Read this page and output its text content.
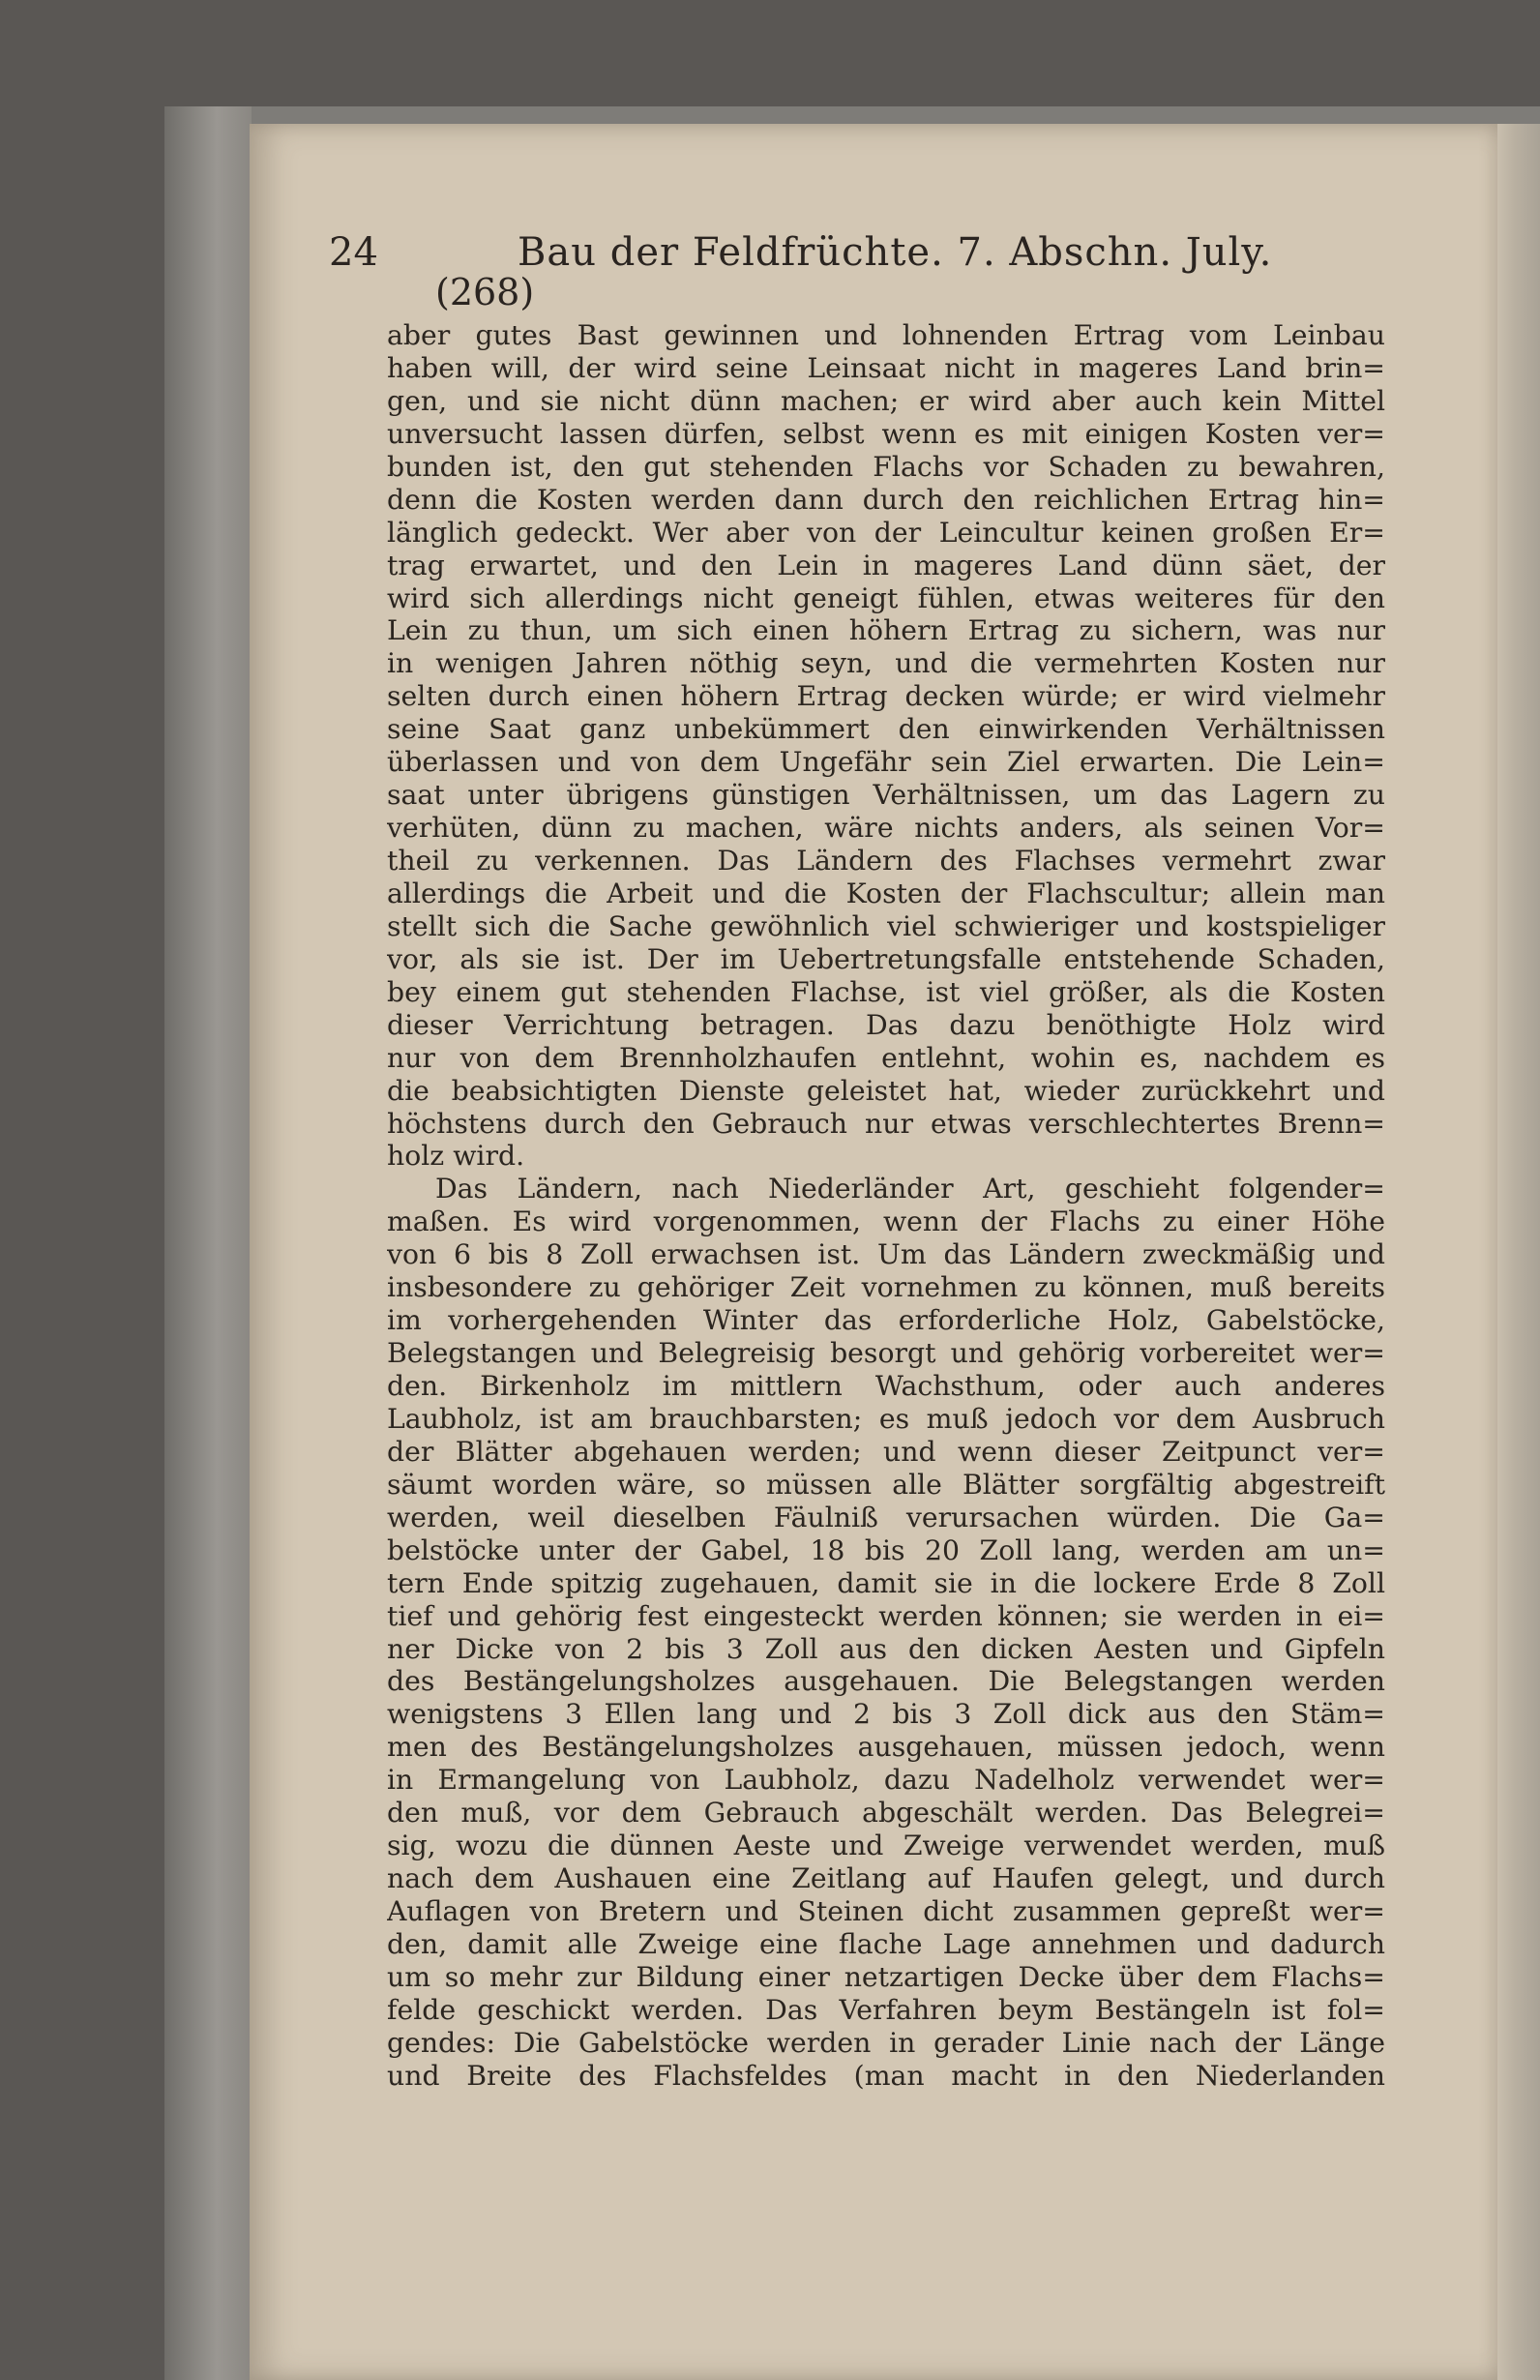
24	Bau der Feldfrüchte. 7. Abschn. July.
(268)
aber gutes Bast gewinnen und lohnenden Ertrag vom Leinbau
haben will, der wird seine Leinsaat nicht in mageres Land brin=
gen, und sie nicht dünn machen; er wird aber auch kein Mittel
unversucht lassen dürfen, selbst wenn es mit einigen Kosten ver=
bunden ist, den gut stehenden Flachs vor Schaden zu bewahren,
denn die Kosten werden dann durch den reichlichen Ertrag hin=
länglich gedeckt. Wer aber von der Leincultur keinen großen Er=
trag erwartet, und den Lein in mageres Land dünn säet, der
wird sich allerdings nicht geneigt fühlen, etwas weiteres für den
Lein zu thun, um sich einen höhern Ertrag zu sichern, was nur
in wenigen Jahren nöthig seyn, und die vermehrten Kosten nur
selten durch einen höhern Ertrag decken würde; er wird vielmehr
seine Saat ganz unbekümmert den einwirkenden Verhältnissen
überlassen und von dem Ungefähr sein Ziel erwarten. Die Lein=
saat unter übrigens günstigen Verhältnissen, um das Lagern zu
verhüten, dünn zu machen, wäre nichts anders, als seinen Vor=
theil zu verkennen. Das Ländern des Flachses vermehrt zwar
allerdings die Arbeit und die Kosten der Flachscultur; allein man
stellt sich die Sache gewöhnlich viel schwieriger und kostspieliger
vor, als sie ist. Der im Uebertretungsfalle entstehende Schaden,
bey einem gut stehenden Flachse, ist viel größer, als die Kosten
dieser Verrichtung betragen. Das dazu benöthigte Holz wird
nur von dem Brennholzhaufen entlehnt, wohin es, nachdem es
die beabsichtigten Dienste geleistet hat, wieder zurückkehrt und
höchstens durch den Gebrauch nur etwas verschlechtertes Brenn=
holz wird.
Das Ländern, nach Niederländer Art, geschieht folgender=
maßen. Es wird vorgenommen, wenn der Flachs zu einer Höhe
von 6 bis 8 Zoll erwachsen ist. Um das Ländern zweckmäßig und
insbesondere zu gehöriger Zeit vornehmen zu können, muß bereits
im vorhergehenden Winter das erforderliche Holz, Gabelstöcke,
Belegstangen und Belegreisig besorgt und gehörig vorbereitet wer=
den. Birkenholz im mittlern Wachsthum, oder auch anderes
Laubholz, ist am brauchbarsten; es muß jedoch vor dem Ausbruch
der Blätter abgehauen werden; und wenn dieser Zeitpunct ver=
säumt worden wäre, so müssen alle Blätter sorgfältig abgestreift
werden, weil dieselben Fäulniß verursachen würden. Die Ga=
belstöcke unter der Gabel, 18 bis 20 Zoll lang, werden am un=
tern Ende spitzig zugehauen, damit sie in die lockere Erde 8 Zoll
tief und gehörig fest eingesteckt werden können; sie werden in ei=
ner Dicke von 2 bis 3 Zoll aus den dicken Aesten und Gipfeln
des Bestängelungsholzes ausgehauen. Die Belegstangen werden
wenigstens 3 Ellen lang und 2 bis 3 Zoll dick aus den Stäm=
men des Bestängelungsholzes ausgehauen, müssen jedoch, wenn
in Ermangelung von Laubholz, dazu Nadelholz verwendet wer=
den muß, vor dem Gebrauch abgeschält werden. Das Belegrei=
sig, wozu die dünnen Aeste und Zweige verwendet werden, muß
nach dem Aushauen eine Zeitlang auf Haufen gelegt, und durch
Auflagen von Bretern und Steinen dicht zusammen gepreßt wer=
den, damit alle Zweige eine flache Lage annehmen und dadurch
um so mehr zur Bildung einer netzartigen Decke über dem Flachs=
felde geschickt werden. Das Verfahren beym Bestängeln ist fol=
gendes: Die Gabelstöcke werden in gerader Linie nach der Länge
und Breite des Flachsfeldes (man macht in den Niederlanden
